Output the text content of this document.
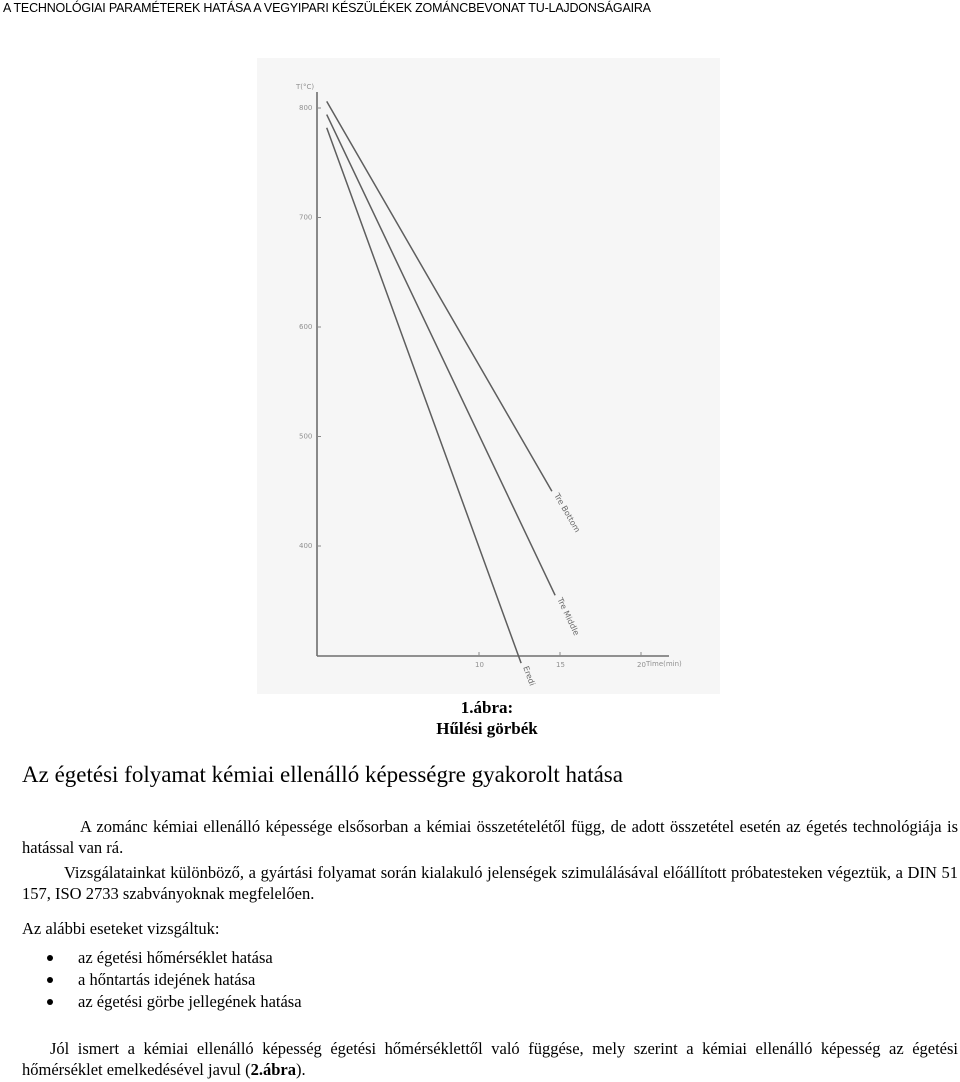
A TECHNOLÓGIAI PARAMÉTEREK HATÁSA A VEGYIPARI KÉSZÜLÉKEK ZOMÁNCBEVONAT TU-LAJDONSÁGAIRA
T(°C)
Time(min)
800
700
600
500
400
10	15	20
Tre Bottom
Tre Middle
Eredi
1.ábra:
Hűlési görbék
Az égetési folyamat kémiai ellenálló képességre gyakorolt hatása
A zománc kémiai ellenálló képessége elsősorban a kémiai összetételétől függ, de adott összetétel esetén az égetés technológiája is hatással van rá.
Vizsgálatainkat különböző, a gyártási folyamat során kialakuló jelenségek szimulálásával előállított próbatesteken végeztük, a DIN 51 157, ISO 2733 szabványoknak megfelelően.
Az alábbi eseteket vizsgáltuk:
az égetési hőmérséklet hatása
a hőntartás idejének hatása
az égetési görbe jellegének hatása
Jól ismert a kémiai ellenálló képesség égetési hőmérséklettől való függése, mely szerint a kémiai ellenálló képesség az égetési hőmérséklet emelkedésével javul (2.ábra).
